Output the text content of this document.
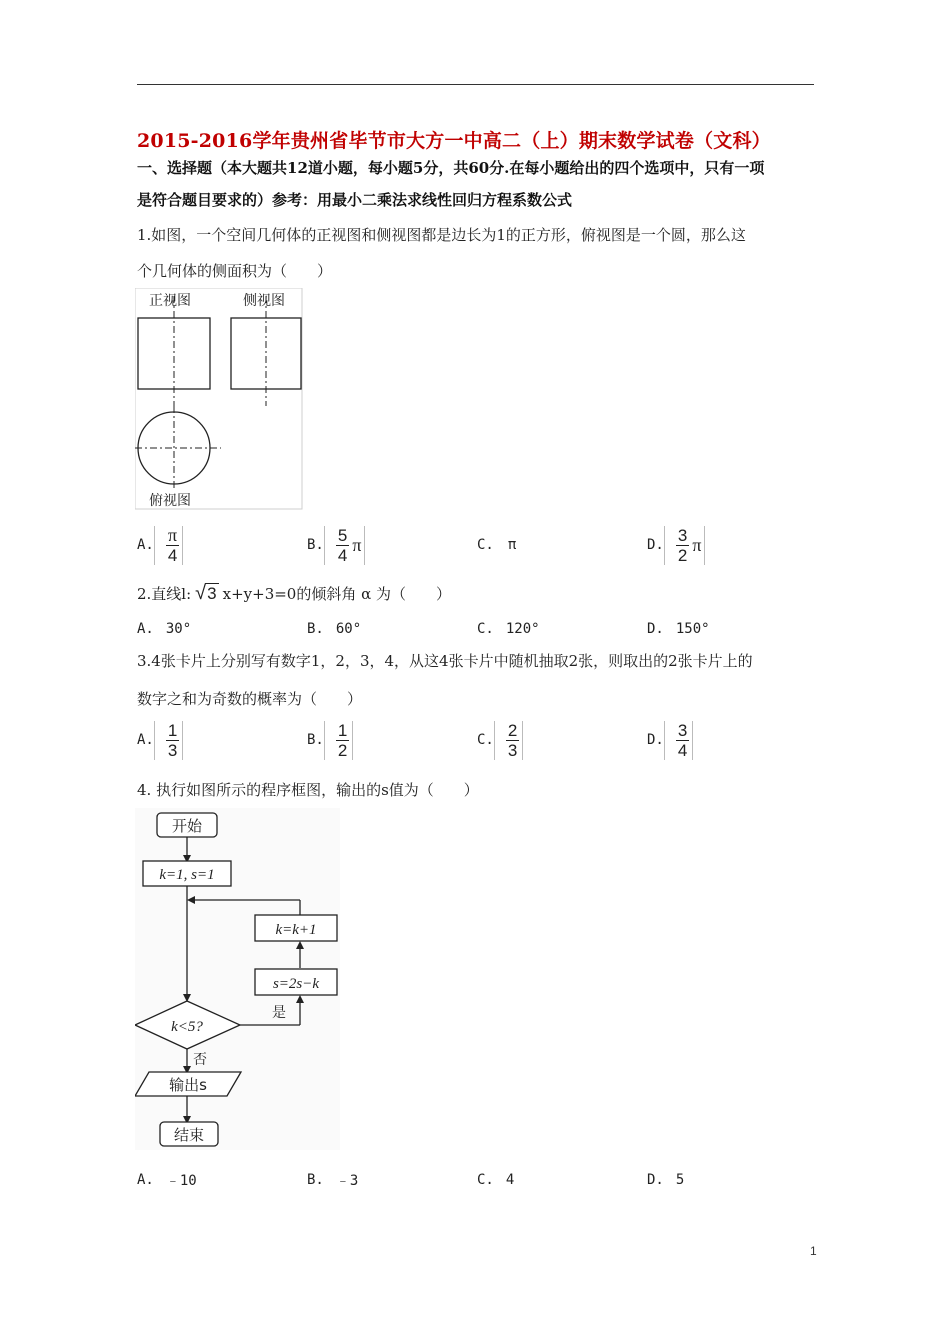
2015-2016学年贵州省毕节市大方一中高二（上）期末数学试卷（文科）
一、选择题（本大题共12道小题，每小题5分，共60分.在每小题给出的四个选项中，只有一项
是符合题目要求的）参考：用最小二乘法求线性回归方程系数公式
1.如图，一个空间几何体的正视图和侧视图都是边长为1的正方形，俯视图是一个圆，那么这
个几何体的侧面积为（　　）
正视图	侧视图
俯视图
A. $\frac{\pi}{4}$	B. $\frac{5}{4}$ π	C. π	D. $\frac{3}{2}$ π
2.直线l: √ 3 x+y+3=0的倾斜角 α 为（　　）
A. 30°	B. 60°	C. 120°	D. 150°
3.4张卡片上分别写有数字1，2，3，4，从这4张卡片中随机抽取2张，则取出的2张卡片上的
数字之和为奇数的概率为（　　）
A. $\frac{1}{3}$	B. $\frac{1}{2}$	C. $\frac{2}{3}$	D. $\frac{3}{4}$
4. 执行如图所示的程序框图，输出的s值为（　　）
开始
k=1, s=1
k=k+1
s=2s−k
是
k<5?
否
输出s
结束
A. ﹣10	B. ﹣3	C. 4	D. 5
1
